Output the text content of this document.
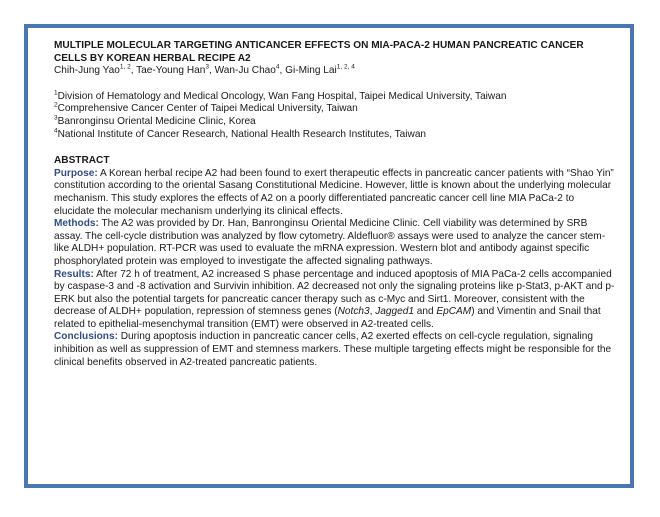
MULTIPLE MOLECULAR TARGETING ANTICANCER EFFECTS ON MIA-PACA-2 HUMAN PANCREATIC CANCER CELLS BY KOREAN HERBAL RECIPE A2
Chih-Jung Yao$^{1, 2}$, Tae-Young Han$^3$, Wan-Ju Chao$^4$, Gi-Ming Lai$^{1, 2, 4}$
$^1$Division of Hematology and Medical Oncology, Wan Fang Hospital, Taipei Medical University, Taiwan
$^2$Comprehensive Cancer Center of Taipei Medical University, Taiwan
$^3$Banronginsu Oriental Medicine Clinic, Korea
$^4$National Institute of Cancer Research, National Health Research Institutes, Taiwan
ABSTRACT

Purpose: A Korean herbal recipe A2 had been found to exert therapeutic effects in pancreatic cancer patients with “Shao Yin” constitution according to the oriental Sasang Constitutional Medicine. However, little is known about the underlying molecular mechanism. This study explores the effects of A2 on a poorly differentiated pancreatic cancer cell line MIA PaCa-2 to elucidate the molecular mechanism underlying its clinical effects.

Methods: The A2 was provided by Dr. Han, Banronginsu Oriental Medicine Clinic. Cell viability was determined by SRB assay. The cell-cycle distribution was analyzed by flow cytometry. Aldefluor® assays were used to analyze the cancer stem-like ALDH+ population. RT-PCR was used to evaluate the mRNA expression. Western blot and antibody against specific phosphorylated protein was employed to investigate the affected signaling pathways.

Results: After 72 h of treatment, A2 increased S phase percentage and induced apoptosis of MIA PaCa-2 cells accompanied by caspase-3 and -8 activation and Survivin inhibition. A2 decreased not only the signaling proteins like p-Stat3, p-AKT and p-ERK but also the potential targets for pancreatic cancer therapy such as c-Myc and Sirt1. Moreover, consistent with the decrease of ALDH+ population, repression of stemness genes (Notch3, Jagged1 and EpCAM) and Vimentin and Snail that related to epithelial-mesenchymal transition (EMT) were observed in A2-treated cells.

Conclusions: During apoptosis induction in pancreatic cancer cells, A2 exerted effects on cell-cycle regulation, signaling inhibition as well as suppression of EMT and stemness markers. These multiple targeting effects might be responsible for the clinical benefits observed in A2-treated pancreatic patients.
